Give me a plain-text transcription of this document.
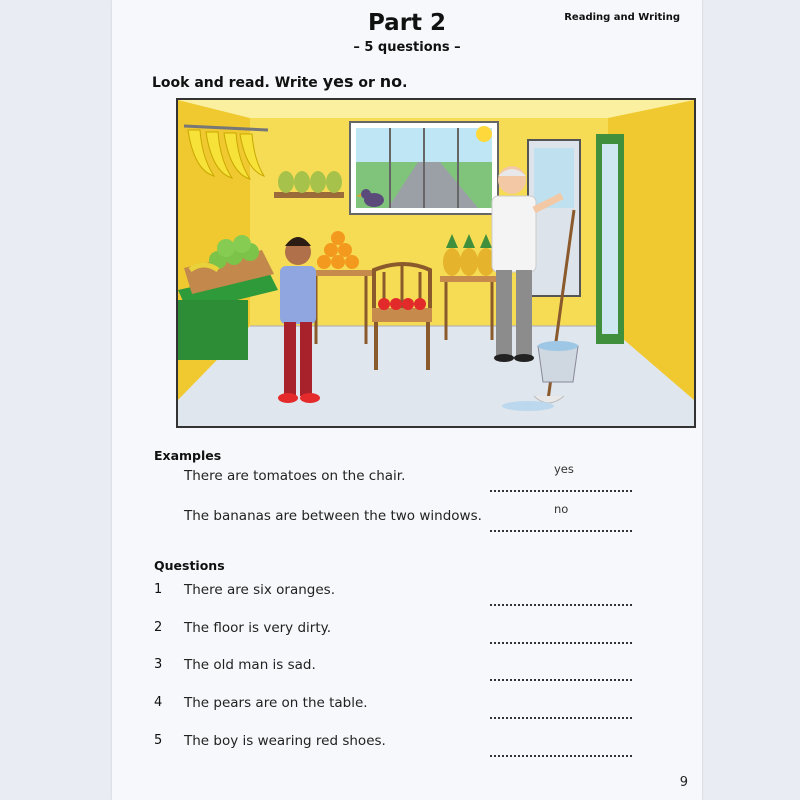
Part 2
– 5 questions –
Reading and Writing
Look and read. Write yes or no.
Examples
There are tomatoes on the chair.	yes
The bananas are between the two windows.	no
Questions
1 There are six oranges.
2 The floor is very dirty.
3 The old man is sad.
4 The pears are on the table.
5 The boy is wearing red shoes.
9
